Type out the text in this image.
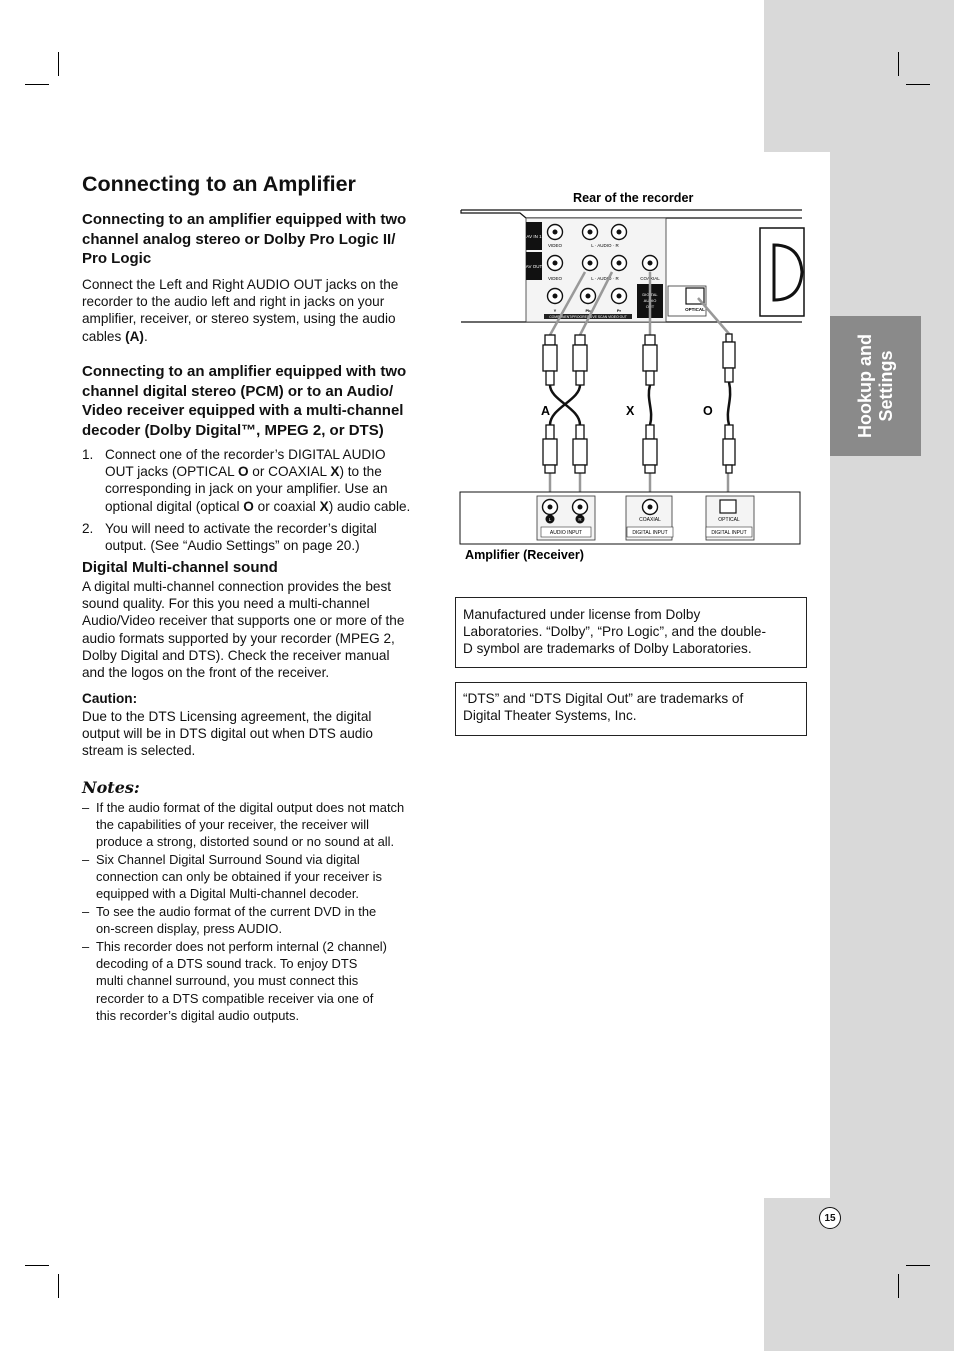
Hookup and Settings
15
Connecting to an Amplifier
Connecting to an amplifier equipped with two
channel analog stereo or Dolby Pro Logic II/
Pro Logic
Connect the Left and Right AUDIO OUT jacks on the
recorder to the audio left and right in jacks on your
amplifier, receiver, or stereo system, using the audio
cables (A).
Connecting to an amplifier equipped with two
channel digital stereo (PCM) or to an Audio/
Video receiver equipped with a multi-channel
decoder (Dolby Digital™, MPEG 2, or DTS)
1. Connect one of the recorder’s DIGITAL AUDIO
OUT jacks (OPTICAL O or COAXIAL X) to the
corresponding in jack on your amplifier. Use an
optional digital (optical O or coaxial X) audio cable.
2. You will need to activate the recorder’s digital
output. (See “Audio Settings” on page 20.)
Digital Multi-channel sound
A digital multi-channel connection provides the best
sound quality. For this you need a multi-channel
Audio/Video receiver that supports one or more of the
audio formats supported by your recorder (MPEG 2,
Dolby Digital and DTS). Check the receiver manual
and the logos on the front of the receiver.
Caution:
Due to the DTS Licensing agreement, the digital
output will be in DTS digital out when DTS audio
stream is selected.
Notes:
– If the audio format of the digital output does not match
the capabilities of your receiver, the receiver will
produce a strong, distorted sound or no sound at all.
– Six Channel Digital Surround Sound via digital
connection can only be obtained if your receiver is
equipped with a Digital Multi-channel decoder.
– To see the audio format of the current DVD in the
on-screen display, press AUDIO.
– This recorder does not perform internal (2 channel)
decoding of a DTS sound track. To enjoy DTS
multi channel surround, you must connect this
recorder to a DTS compatible receiver via one of
this recorder’s digital audio outputs.
Rear of the recorder
AV IN 1
AV OUT
VIDEO	L · AUDIO · R
VIDEO	L · AUDIO · R	COAXIAL
Y	Pb	Pr
COMPONENT/PROGRESSIVE SCAN VIDEO OUT
DIGITAL
AUDIO
OUT
OPTICAL
A	X	O
L	R
AUDIO INPUT
COAXIAL
DIGITAL INPUT
OPTICAL
DIGITAL INPUT
Amplifier (Receiver)
Manufactured under license from Dolby
Laboratories. “Dolby”, “Pro Logic”, and the double-
D symbol are trademarks of Dolby Laboratories.
“DTS” and “DTS Digital Out” are trademarks of
Digital Theater Systems, Inc.
